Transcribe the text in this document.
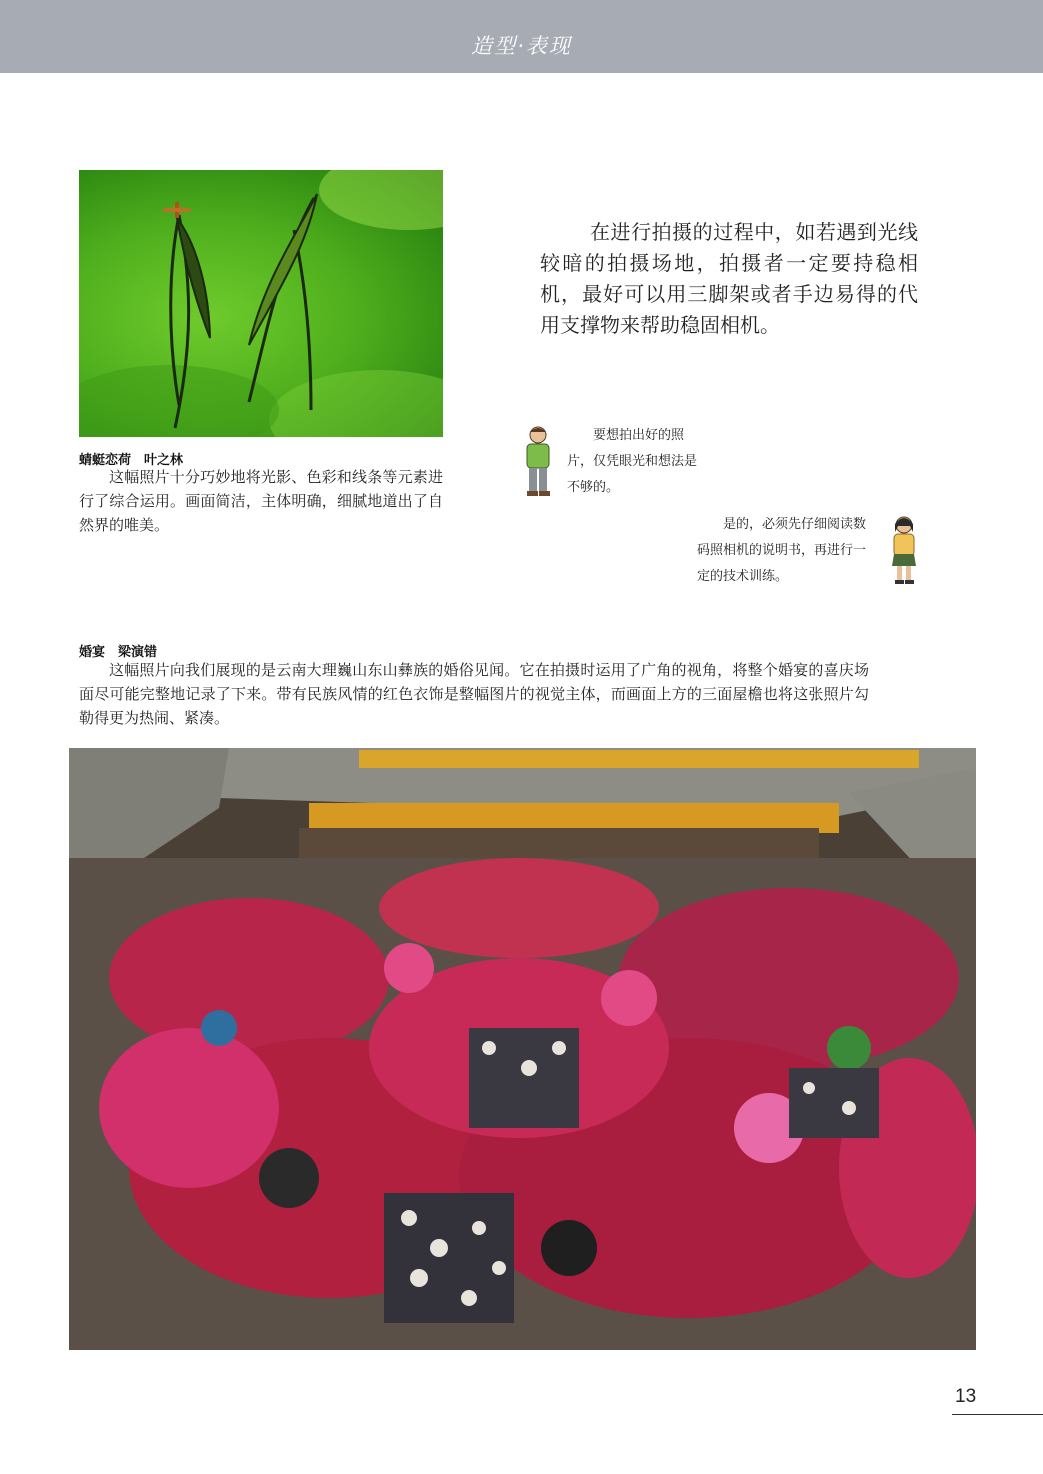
造型·表现
蜻蜓恋荷　叶之林
这幅照片十分巧妙地将光影、色彩和线条等元素进行了综合运用。画面简洁，主体明确，细腻地道出了自然界的唯美。
在进行拍摄的过程中，如若遇到光线较暗的拍摄场地，拍摄者一定要持稳相机，最好可以用三脚架或者手边易得的代用支撑物来帮助稳固相机。
要想拍出好的照片，仅凭眼光和想法是不够的。
是的，必须先仔细阅读数码照相机的说明书，再进行一定的技术训练。
婚宴　梁演错
这幅照片向我们展现的是云南大理巍山东山彝族的婚俗见闻。它在拍摄时运用了广角的视角，将整个婚宴的喜庆场面尽可能完整地记录了下来。带有民族风情的红色衣饰是整幅图片的视觉主体，而画面上方的三面屋檐也将这张照片勾勒得更为热闹、紧凑。
13
